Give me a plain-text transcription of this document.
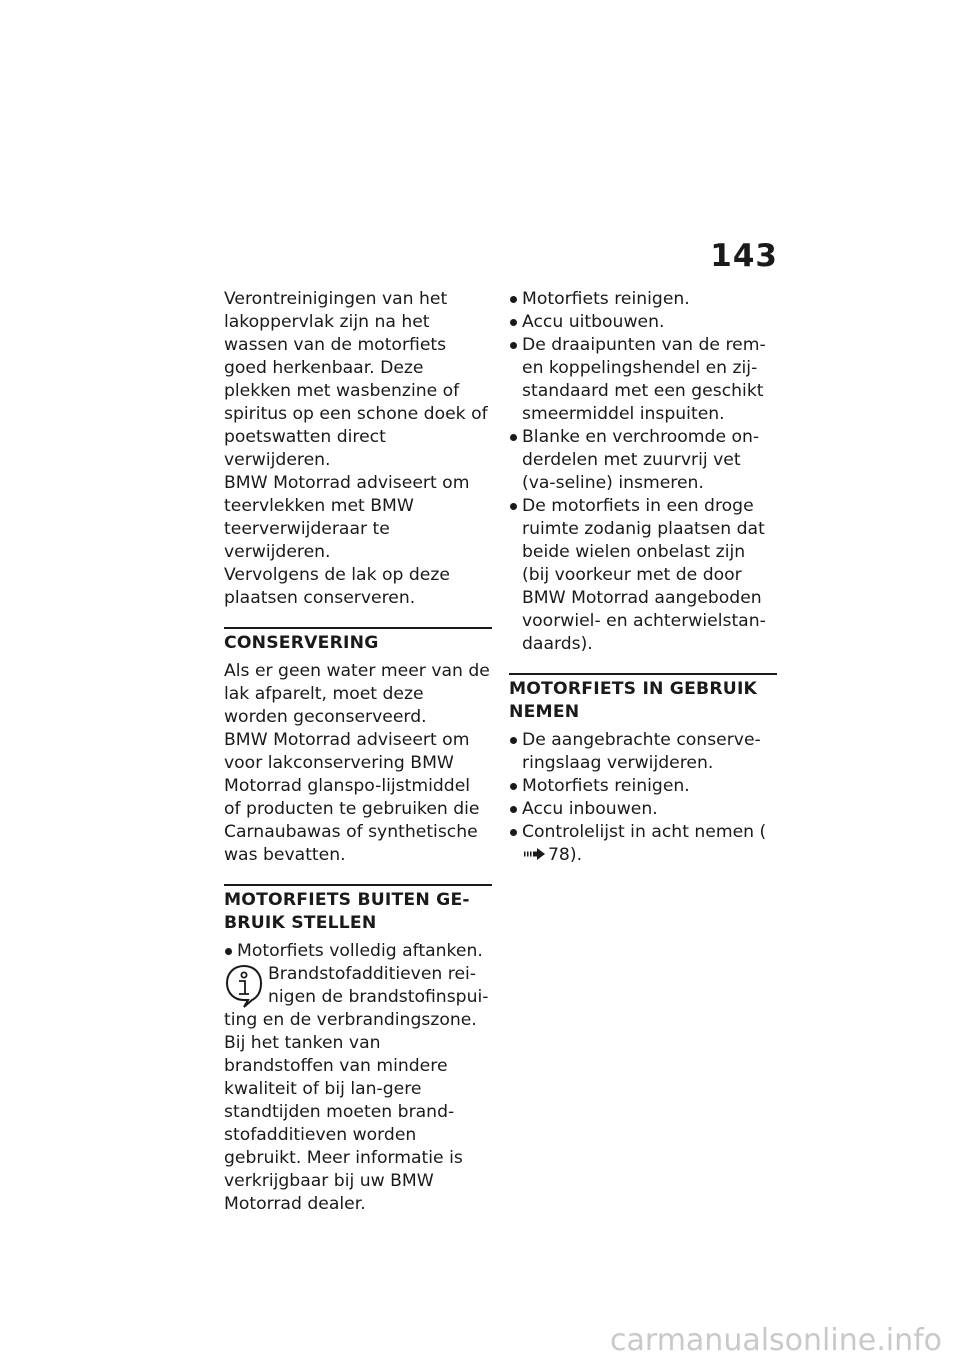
143

Verontreinigingen van het lakoppervlak zijn na het wassen van de motorfiets goed herkenbaar. Deze plekken met wasbenzine of spiritus op een schone doek of poetswatten direct verwijderen.

BMW Motorrad adviseert om teervlekken met BMW teerverwijderaar te verwijderen.

Vervolgens de lak op deze plaatsen conserveren.

CONSERVERING

Als er geen water meer van de lak afparelt, moet deze worden geconserveerd.

BMW Motorrad adviseert om voor lakconservering BMW Motorrad glanspo-lijstmiddel of producten te gebruiken die Carnaubawas of synthetische was bevatten.

MOTORFIETS BUITEN GE-BRUIK STELLEN
Motorfiets volledig aftanken.

Brandstofadditieven rei-nigen de brandstofinspui-ting en de verbrandingszone. Bij het tanken van brandstoffen van mindere kwaliteit of bij lan-gere standtijden moeten brand-stofadditieven worden gebruikt. Meer informatie is verkrijgbaar bij uw BMW Motorrad dealer.

Motorfiets reinigen.
Accu uitbouwen.
De draaipunten van de rem- en koppelingshendel en zij-standaard met een geschikt smeermiddel inspuiten.
Blanke en verchroomde on-derdelen met zuurvrij vet (va-seline) insmeren.
De motorfiets in een droge ruimte zodanig plaatsen dat beide wielen onbelast zijn (bij voorkeur met de door BMW Motorrad aangeboden voorwiel- en achterwielstan-daards).
MOTORFIETS IN GEBRUIK NEMEN
De aangebrachte conserve-ringslaag verwijderen.
Motorfiets reinigen.
Accu inbouwen.
Controlelijst in acht nemen (78).
carmanualsonline.info
